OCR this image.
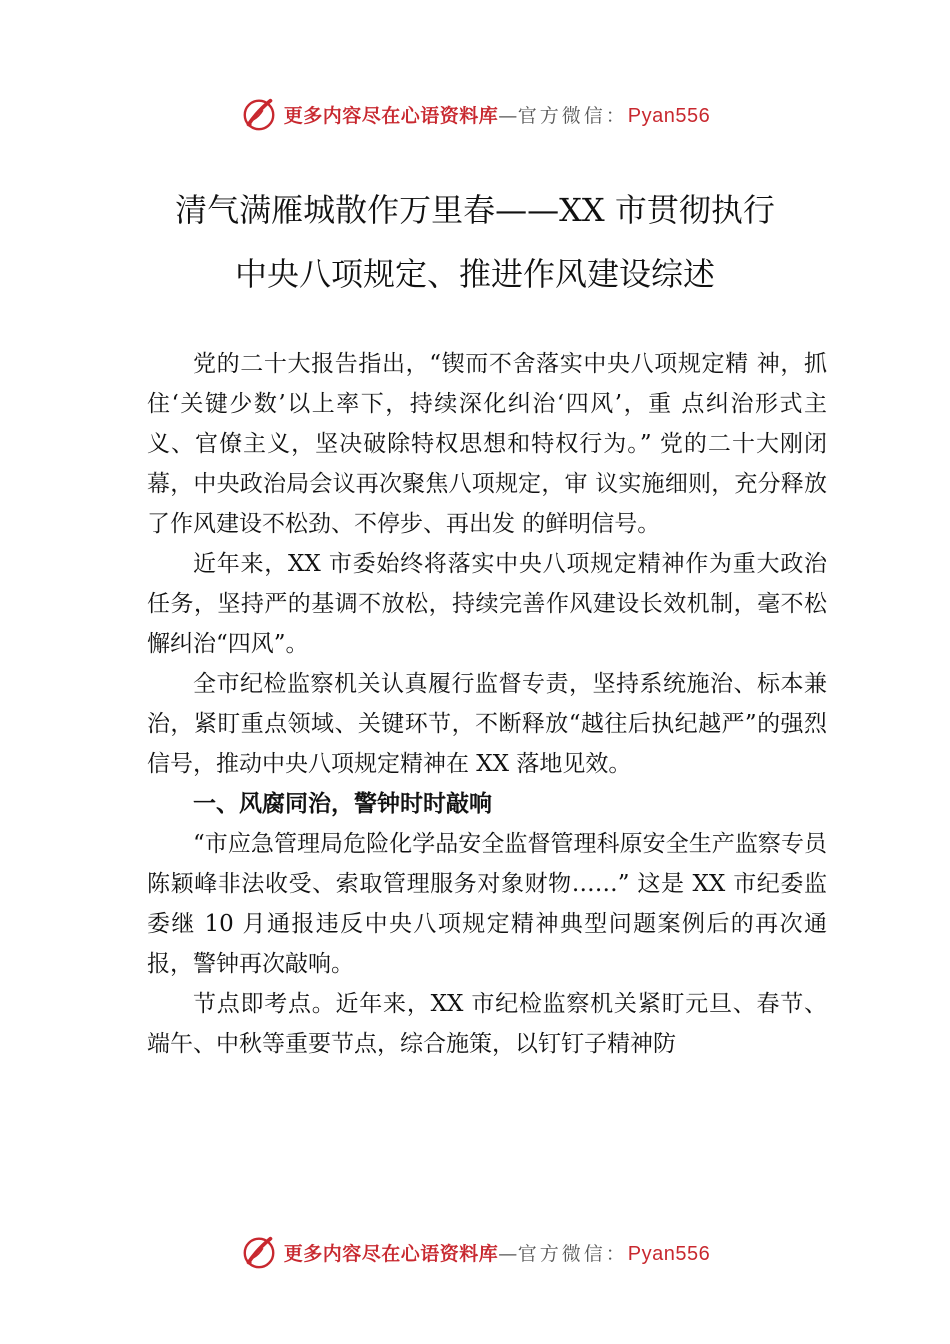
更多内容尽在心语资料库—官方微信：Pyan556
清气满雁城散作万里春——XX 市贯彻执行
中央八项规定、推进作风建设综述

党的二十大报告指出，“锲而不舍落实中央八项规定精 神，抓住‘关键少数’以上率下，持续深化纠治‘四风’，重 点纠治形式主义、官僚主义，坚决破除特权思想和特权行为。” 党的二十大刚闭幕，中央政治局会议再次聚焦八项规定，审 议实施细则，充分释放了作风建设不松劲、不停步、再出发 的鲜明信号。

近年来，XX 市委始终将落实中央八项规定精神作为重大政治任务，坚持严的基调不放松，持续完善作风建设长效机制，毫不松懈纠治“四风”。

全市纪检监察机关认真履行监督专责，坚持系统施治、标本兼治，紧盯重点领域、关键环节，不断释放“越往后执纪越严”的强烈信号，推动中央八项规定精神在 XX 落地见效。

一、风腐同治，警钟时时敲响

“市应急管理局危险化学品安全监督管理科原安全生产监察专员陈颖峰非法收受、索取管理服务对象财物……” 这是 XX 市纪委监委继 10 月通报违反中央八项规定精神典型问题案例后的再次通报，警钟再次敲响。

节点即考点。近年来，XX 市纪检监察机关紧盯元旦、春节、端午、中秋等重要节点，综合施策，以钉钉子精神防

更多内容尽在心语资料库—官方微信：Pyan556
